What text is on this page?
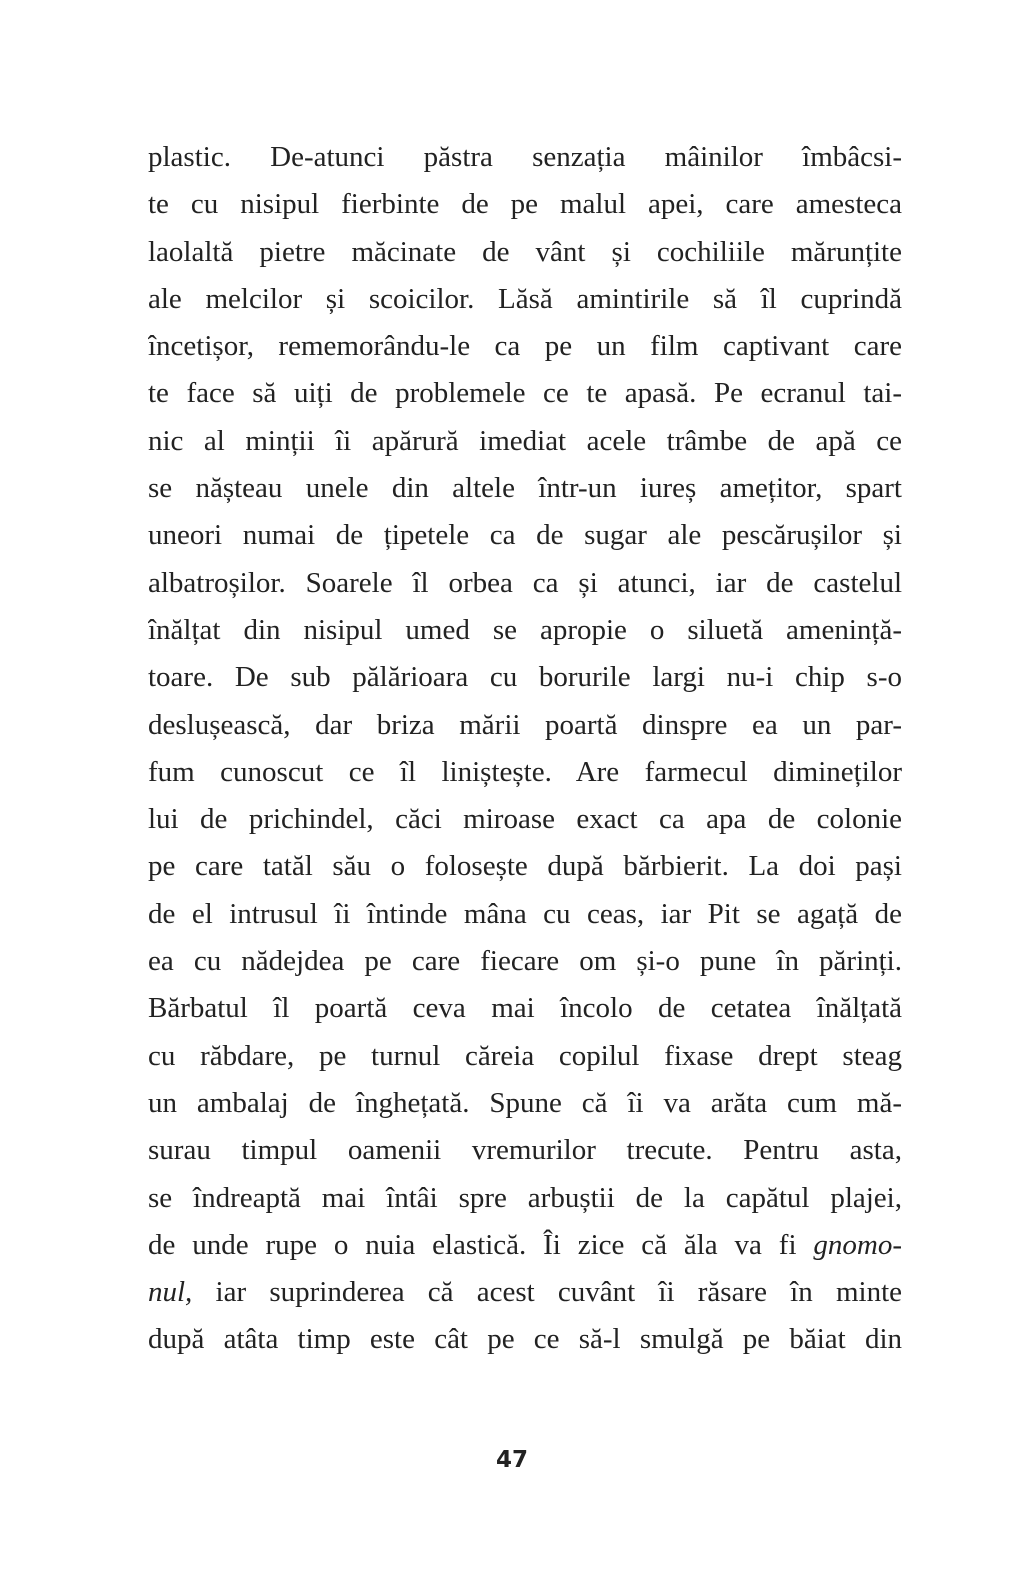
plastic. De-atunci păstra senzația mâinilor îmbâcsi-
te cu nisipul fierbinte de pe malul apei, care amesteca
laolaltă pietre măcinate de vânt și cochiliile mărunțite
ale melcilor și scoicilor. Lăsă amintirile să îl cuprindă
încetișor, rememorându-le ca pe un film captivant care
te face să uiți de problemele ce te apasă. Pe ecranul tai-
nic al minții îi apărură imediat acele trâmbe de apă ce
se nășteau unele din altele într-un iureș amețitor, spart
uneori numai de țipetele ca de sugar ale pescărușilor și
albatroșilor. Soarele îl orbea ca și atunci, iar de castelul
înălțat din nisipul umed se apropie o siluetă amenință-
toare. De sub pălărioara cu borurile largi nu-i chip s-o
deslușească, dar briza mării poartă dinspre ea un par-
fum cunoscut ce îl liniștește. Are farmecul dimineților
lui de prichindel, căci miroase exact ca apa de colonie
pe care tatăl său o folosește după bărbierit. La doi pași
de el intrusul îi întinde mâna cu ceas, iar Pit se agață de
ea cu nădejdea pe care fiecare om și-o pune în părinți.
Bărbatul îl poartă ceva mai încolo de cetatea înălțată
cu răbdare, pe turnul căreia copilul fixase drept steag
un ambalaj de înghețată. Spune că îi va arăta cum mă-
surau timpul oamenii vremurilor trecute. Pentru asta,
se îndreaptă mai întâi spre arbuștii de la capătul plajei,
de unde rupe o nuia elastică. Îi zice că ăla va fi gnomo-
nul, iar suprinderea că acest cuvânt îi răsare în minte
după atâta timp este cât pe ce să-l smulgă pe băiat din
47
